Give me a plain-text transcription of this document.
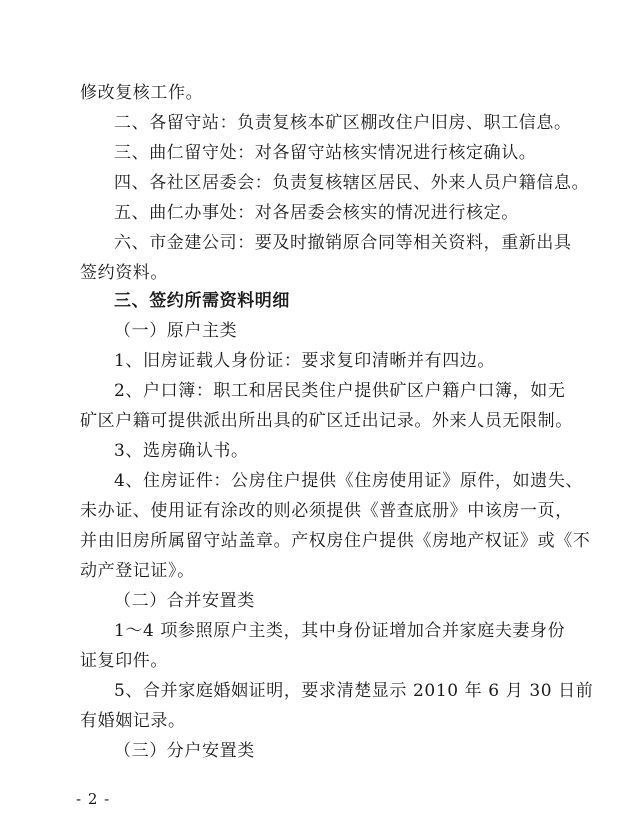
修改复核工作。
二、各留守站：负责复核本矿区棚改住户旧房、职工信息。
三、曲仁留守处：对各留守站核实情况进行核定确认。
四、各社区居委会：负责复核辖区居民、外来人员户籍信息。
五、曲仁办事处：对各居委会核实的情况进行核定。
六、市金建公司：要及时撤销原合同等相关资料，重新出具
签约资料。
三、签约所需资料明细
（一）原户主类
1、旧房证载人身份证：要求复印清晰并有四边。
2、户口簿：职工和居民类住户提供矿区户籍户口簿，如无
矿区户籍可提供派出所出具的矿区迁出记录。外来人员无限制。
3、选房确认书。
4、住房证件：公房住户提供《住房使用证》原件，如遗失、
未办证、使用证有涂改的则必须提供《普查底册》中该房一页，
并由旧房所属留守站盖章。产权房住户提供《房地产权证》或《不
动产登记证》。
（二）合并安置类
1～4 项参照原户主类，其中身份证增加合并家庭夫妻身份
证复印件。
5、合并家庭婚姻证明，要求清楚显示 2010 年 6 月 30 日前
有婚姻记录。
（三）分户安置类
- 2 -
